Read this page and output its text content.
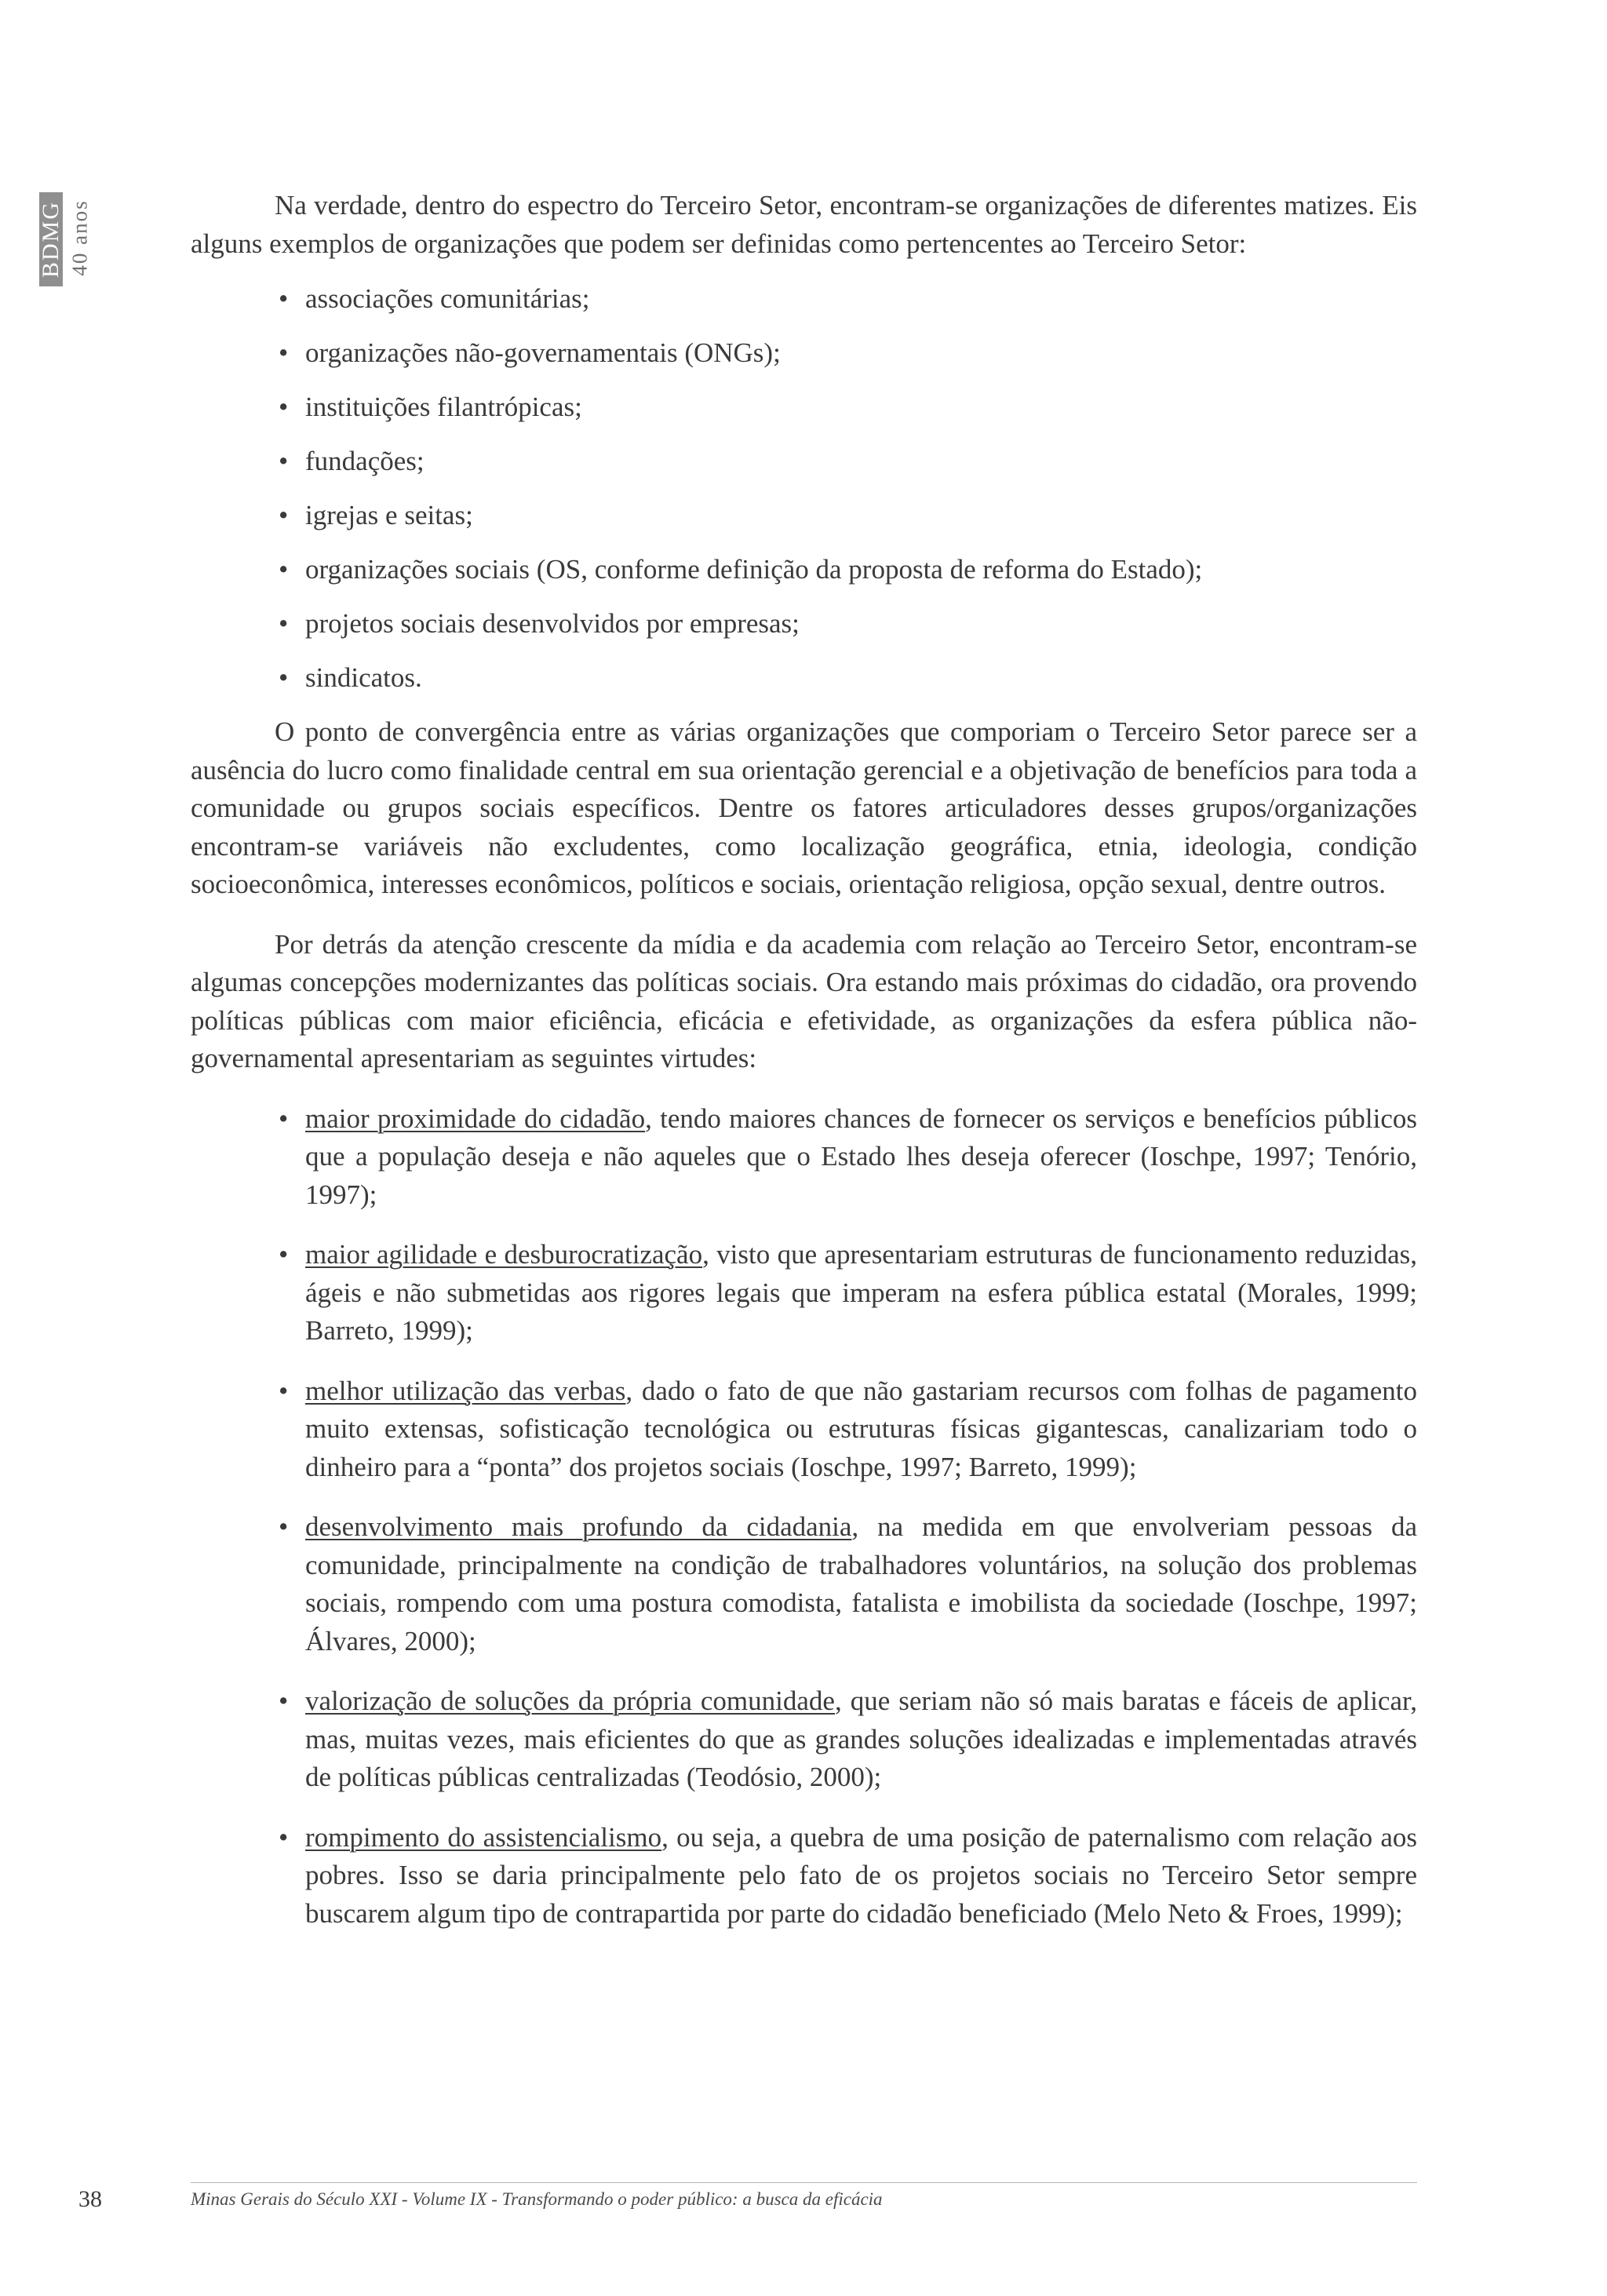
BDMG 40 anos	Na verdade, dentro do espectro do Terceiro Setor, encontram-se organizações de diferentes matizes. Eis alguns exemplos de organizações que podem ser definidas como pertencentes ao Terceiro Setor:

• associações comunitárias;
• organizações não-governamentais (ONGs);
• instituições filantrópicas;
• fundações;
• igrejas e seitas;
• organizações sociais (OS, conforme definição da proposta de reforma do Estado);
• projetos sociais desenvolvidos por empresas;
• sindicatos.

O ponto de convergência entre as várias organizações que comporiam o Terceiro Setor parece ser a ausência do lucro como finalidade central em sua orientação gerencial e a objetivação de benefícios para toda a comunidade ou grupos sociais específicos. Dentre os fatores articuladores desses grupos/organizações encontram-se variáveis não excludentes, como localização geográfica, etnia, ideologia, condição socioeconômica, interesses econômicos, políticos e sociais, orientação religiosa, opção sexual, dentre outros.

Por detrás da atenção crescente da mídia e da academia com relação ao Terceiro Setor, encontram-se algumas concepções modernizantes das políticas sociais. Ora estando mais próximas do cidadão, ora provendo políticas públicas com maior eficiência, eficácia e efetividade, as organizações da esfera pública não-governamental apresentariam as seguintes virtudes:

• maior proximidade do cidadão, tendo maiores chances de fornecer os serviços e benefícios públicos que a população deseja e não aqueles que o Estado lhes deseja oferecer (Ioschpe, 1997; Tenório, 1997);
• maior agilidade e desburocratização, visto que apresentariam estruturas de funcionamento reduzidas, ágeis e não submetidas aos rigores legais que imperam na esfera pública estatal (Morales, 1999; Barreto, 1999);
• melhor utilização das verbas, dado o fato de que não gastariam recursos com folhas de pagamento muito extensas, sofisticação tecnológica ou estruturas físicas gigantescas, canalizariam todo o dinheiro para a “ponta” dos projetos sociais (Ioschpe, 1997; Barreto, 1999);
• desenvolvimento mais profundo da cidadania, na medida em que envolveriam pessoas da comunidade, principalmente na condição de trabalhadores voluntários, na solução dos problemas sociais, rompendo com uma postura comodista, fatalista e imobilista da sociedade (Ioschpe, 1997; Álvares, 2000);
• valorização de soluções da própria comunidade, que seriam não só mais baratas e fáceis de aplicar, mas, muitas vezes, mais eficientes do que as grandes soluções idealizadas e implementadas através de políticas públicas centralizadas (Teodósio, 2000);
• rompimento do assistencialismo, ou seja, a quebra de uma posição de paternalismo com relação aos pobres. Isso se daria principalmente pelo fato de os projetos sociais no Terceiro Setor sempre buscarem algum tipo de contrapartida por parte do cidadão beneficiado (Melo Neto & Froes, 1999);
38	Minas Gerais do Século XXI - Volume IX - Transformando o poder público: a busca da eficácia
